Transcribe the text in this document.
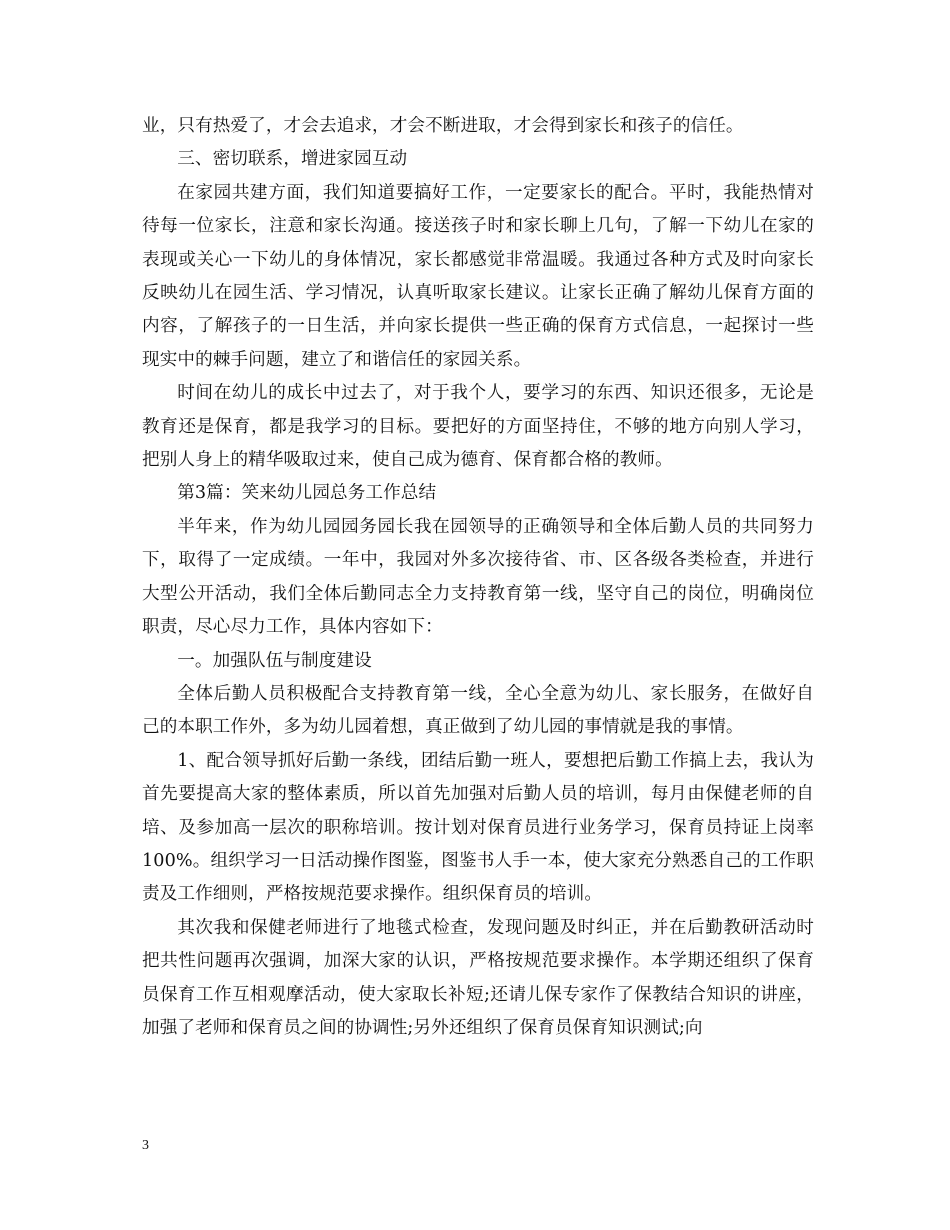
业，只有热爱了，才会去追求，才会不断进取，才会得到家长和孩子的信任。

三、密切联系，增进家园互动

在家园共建方面，我们知道要搞好工作，一定要家长的配合。平时，我能热情对待每一位家长，注意和家长沟通。接送孩子时和家长聊上几句，了解一下幼儿在家的表现或关心一下幼儿的身体情况，家长都感觉非常温暖。我通过各种方式及时向家长反映幼儿在园生活、学习情况，认真听取家长建议。让家长正确了解幼儿保育方面的内容，了解孩子的一日生活，并向家长提供一些正确的保育方式信息，一起探讨一些现实中的棘手问题，建立了和谐信任的家园关系。

时间在幼儿的成长中过去了，对于我个人，要学习的东西、知识还很多，无论是教育还是保育，都是我学习的目标。要把好的方面坚持住，不够的地方向别人学习，把别人身上的精华吸取过来，使自己成为德育、保育都合格的教师。

第3篇：笑来幼儿园总务工作总结

半年来，作为幼儿园园务园长我在园领导的正确领导和全体后勤人员的共同努力下，取得了一定成绩。一年中，我园对外多次接待省、市、区各级各类检查，并进行大型公开活动，我们全体后勤同志全力支持教育第一线，坚守自己的岗位，明确岗位职责，尽心尽力工作，具体内容如下：

一。加强队伍与制度建设

全体后勤人员积极配合支持教育第一线，全心全意为幼儿、家长服务，在做好自己的本职工作外，多为幼儿园着想，真正做到了幼儿园的事情就是我的事情。

1、配合领导抓好后勤一条线，团结后勤一班人，要想把后勤工作搞上去，我认为首先要提高大家的整体素质，所以首先加强对后勤人员的培训，每月由保健老师的自培、及参加高一层次的职称培训。按计划对保育员进行业务学习，保育员持证上岗率100%。组织学习一日活动操作图鉴，图鉴书人手一本，使大家充分熟悉自己的工作职责及工作细则，严格按规范要求操作。组织保育员的培训。

其次我和保健老师进行了地毯式检查，发现问题及时纠正，并在后勤教研活动时把共性问题再次强调，加深大家的认识，严格按规范要求操作。本学期还组织了保育员保育工作互相观摩活动，使大家取长补短;还请儿保专家作了保教结合知识的讲座，加强了老师和保育员之间的协调性;另外还组织了保育员保育知识测试;向

3
